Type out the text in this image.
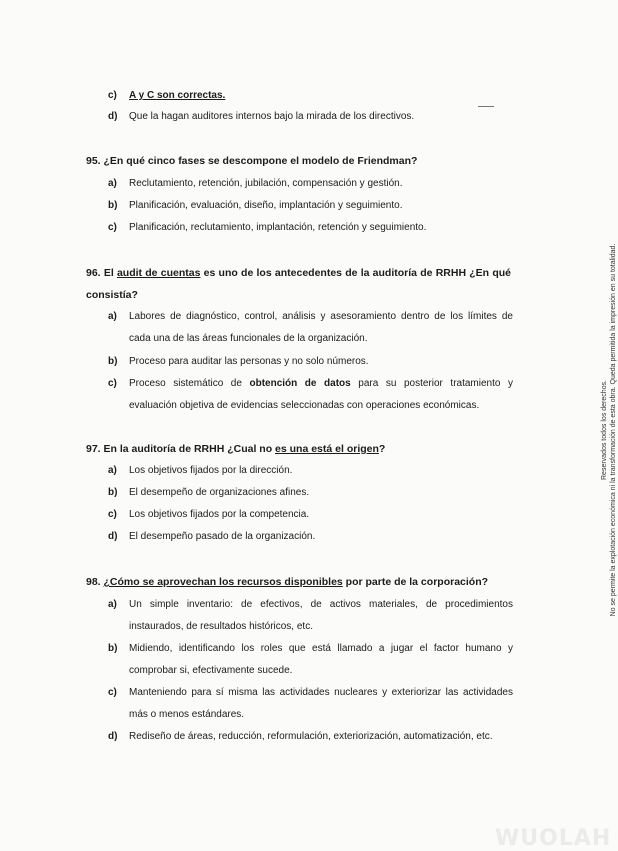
c) A y C son correctas.
d) Que la hagan auditores internos bajo la mirada de los directivos.
95. ¿En qué cinco fases se descompone el modelo de Friendman?
a) Reclutamiento, retención, jubilación, compensación y gestión.
b) Planificación, evaluación, diseño, implantación y seguimiento.
c) Planificación, reclutamiento, implantación, retención y seguimiento.
96. El audit de cuentas es uno de los antecedentes de la auditoría de RRHH ¿En qué consistía?
a) Labores de diagnóstico, control, análisis y asesoramiento dentro de los límites de cada una de las áreas funcionales de la organización.
b) Proceso para auditar las personas y no solo números.
c) Proceso sistemático de obtención de datos para su posterior tratamiento y evaluación objetiva de evidencias seleccionadas con operaciones económicas.
97. En la auditoría de RRHH ¿Cual no es una está el origen?
a) Los objetivos fijados por la dirección.
b) El desempeño de organizaciones afines.
c) Los objetivos fijados por la competencia.
d) El desempeño pasado de la organización.
98. ¿Cómo se aprovechan los recursos disponibles por parte de la corporación?
a) Un simple inventario: de efectivos, de activos materiales, de procedimientos instaurados, de resultados históricos, etc.
b) Midiendo, identificando los roles que está llamado a jugar el factor humano y comprobar si, efectivamente sucede.
c) Manteniendo para sí misma las actividades nucleares y exteriorizar las actividades más o menos estándares.
d) Rediseño de áreas, reducción, reformulación, exteriorización, automatización, etc.
Reservados todos los derechos. No se permite la explotación económica ni la transformación de esta obra. Queda permitida la impresión en su totalidad.
WUOLAH
